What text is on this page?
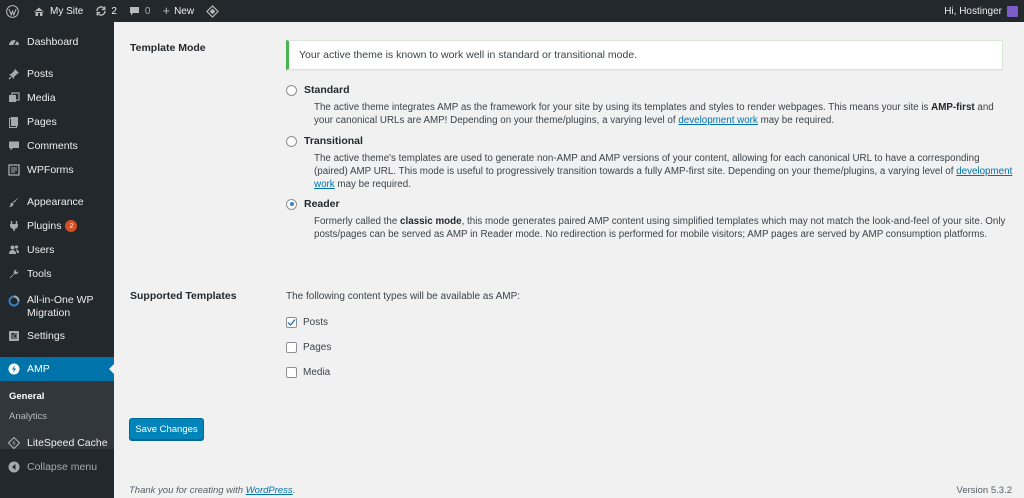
My Site	2	0 + New	Hi, Hostinger
Dashboard
Posts
Media
Pages
Comments
WPForms
Appearance
Plugins	2
Users
Tools
All-in-One WP
Migration
Settings
AMP
General
Analytics
LiteSpeed Cache
Collapse menu
Template Mode
Your active theme is known to work well in standard or transitional mode.
Standard
The active theme integrates AMP as the framework for your site by using its templates and styles to render webpages. This means your site is AMP-first and your canonical URLs are AMP! Depending on your theme/plugins, a varying level of development work may be required.
Transitional
The active theme's templates are used to generate non-AMP and AMP versions of your content, allowing for each canonical URL to have a corresponding (paired) AMP URL. This mode is useful to progressively transition towards a fully AMP-first site. Depending on your theme/plugins, a varying level of development work may be required.
Reader
Formerly called the classic mode, this mode generates paired AMP content using simplified templates which may not match the look-and-feel of your site. Only posts/pages can be served as AMP in Reader mode. No redirection is performed for mobile visitors; AMP pages are served by AMP consumption platforms.
Supported Templates	The following content types will be available as AMP:
Posts
Pages
Media
Save Changes
Thank you for creating with WordPress.	Version 5.3.2
